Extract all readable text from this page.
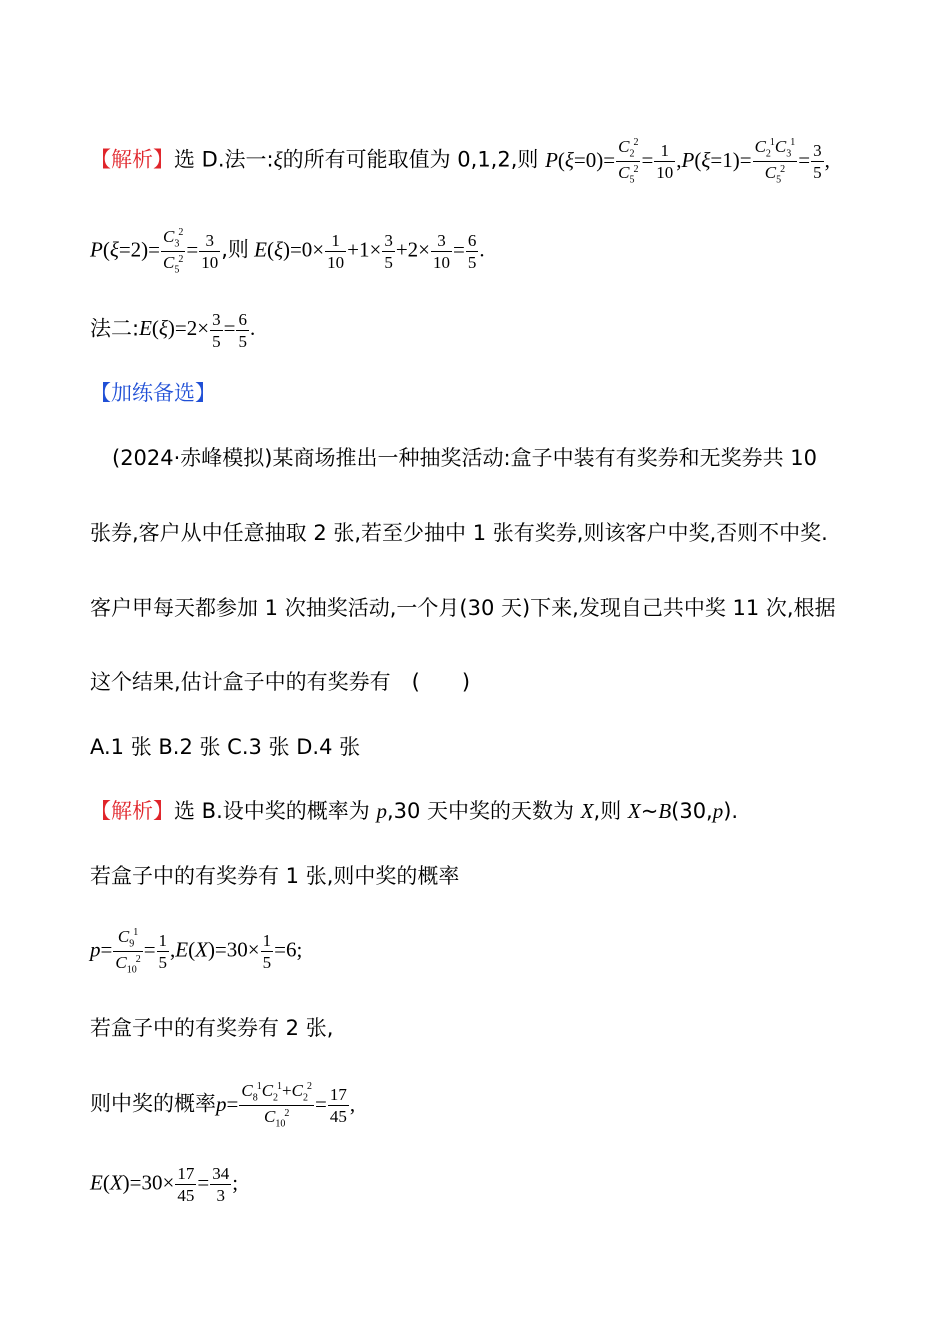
【解析】选 D.法一:ξ的所有可能取值为 0,1,2,则 $P(\xi=0)= \frac{C_2^2}{C_5^2} = \frac{1}{10} ,P(\xi=1)= \frac{C_2^1C_3^1}{C_5^2} = \frac{3}{5}$ ,
$P(\xi=2)= \frac{C_3^2}{C_5^2} = \frac{3}{10}$ ,则 $E(\xi)=0\times \frac{1}{10} +1\times \frac{3}{5} +2\times \frac{3}{10} = \frac{6}{5}$ .
法二:E(ξ)=2× $\frac{3}{5} = \frac{6}{5}$ .
【加练备选】
(2024·赤峰模拟)某商场推出一种抽奖活动:盒子中装有有奖券和无奖券共 10
张券,客户从中任意抽取 2 张,若至少抽中 1 张有奖券,则该客户中奖,否则不中奖.
客户甲每天都参加 1 次抽奖活动,一个月(30 天)下来,发现自己共中奖 11 次,根据
这个结果,估计盒子中的有奖券有　(　　)
A.1 张 B.2 张 C.3 张 D.4 张
【解析】选 B.设中奖的概率为 p,30 天中奖的天数为 X,则 X~B(30,p).
若盒子中的有奖券有 1 张,则中奖的概率
$p= \frac{C_9^1}{C_{10}^2} = \frac{1}{5} ,E(X)=30\times \frac{1}{5} =6$;
若盒子中的有奖券有 2 张,
则中奖的概率$p= \frac{C_8^1C_2^1+C_2^2}{C_{10}^2} = \frac{17}{45}$ ,
$E(X)=30\times \frac{17}{45} = \frac{34}{3}$ ;
